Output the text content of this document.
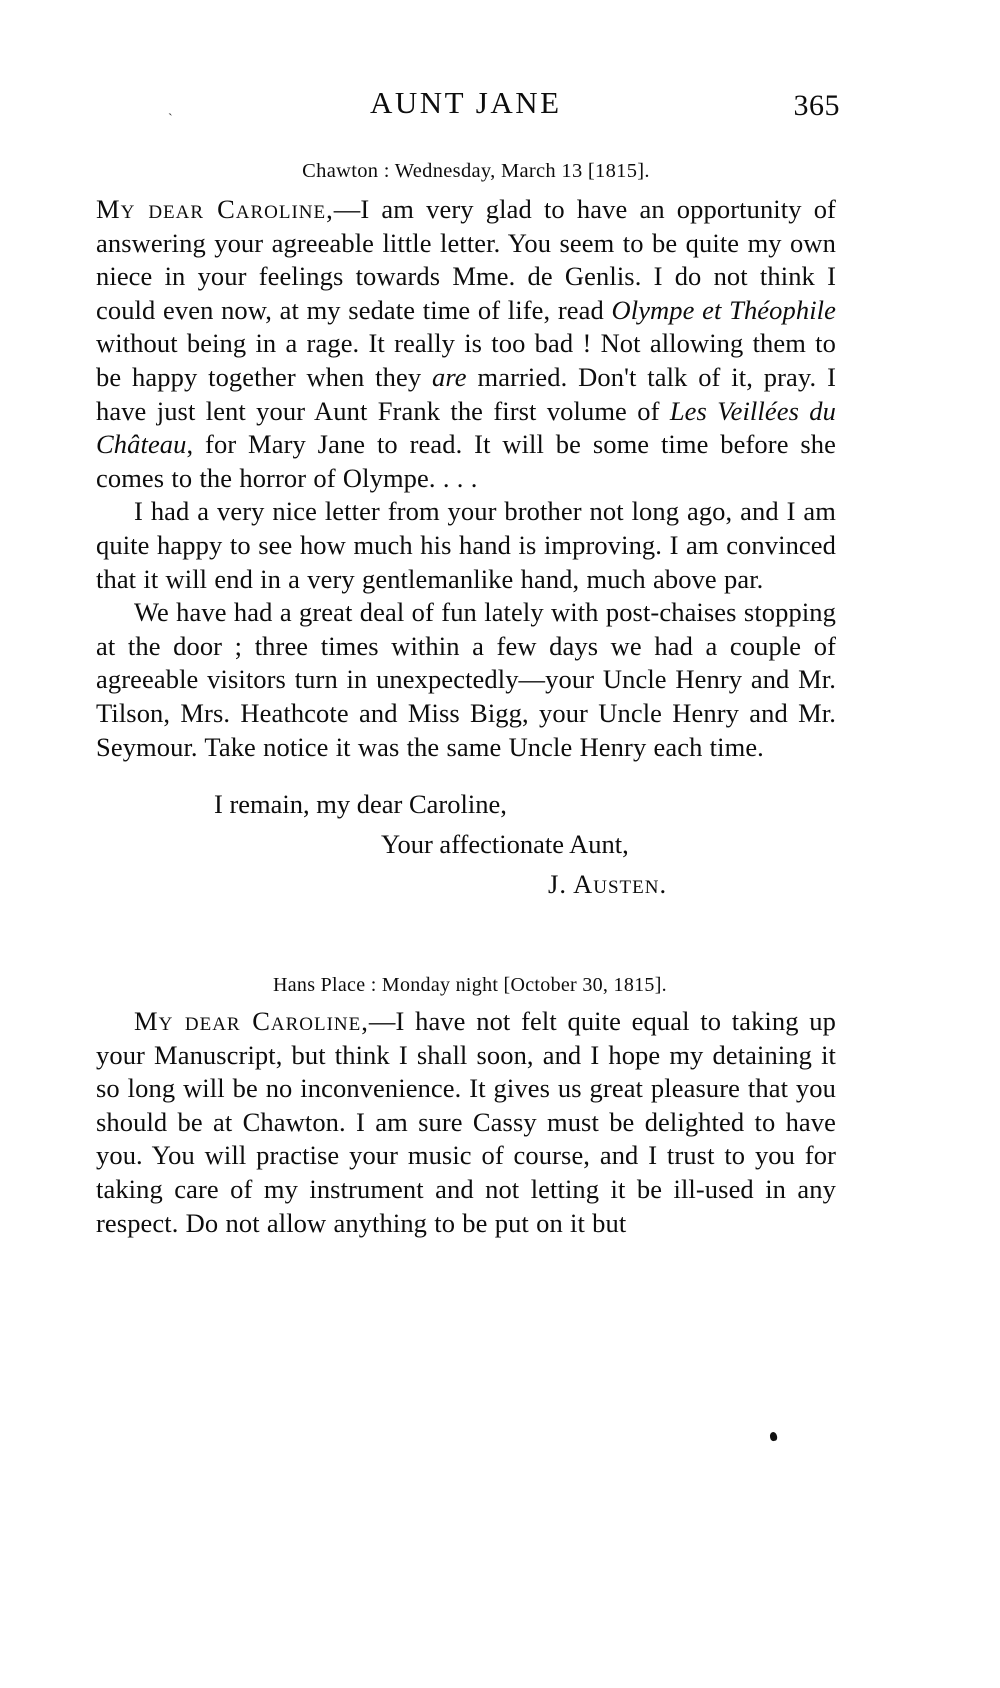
ˋ	AUNT JANE	365
Chawton : Wednesday, March 13 [1815].

My dear Caroline,—I am very glad to have an opportunity of answering your agreeable little letter. You seem to be quite my own niece in your feelings towards Mme. de Genlis. I do not think I could even now, at my sedate time of life, read Olympe et Théophile without being in a rage. It really is too bad ! Not allowing them to be happy together when they are married. Don't talk of it, pray. I have just lent your Aunt Frank the first volume of Les Veillées du Château, for Mary Jane to read. It will be some time before she comes to the horror of Olympe. . . .

I had a very nice letter from your brother not long ago, and I am quite happy to see how much his hand is improving. I am convinced that it will end in a very gentlemanlike hand, much above par.

We have had a great deal of fun lately with post-chaises stopping at the door ; three times within a few days we had a couple of agreeable visitors turn in unexpectedly—your Uncle Henry and Mr. Tilson, Mrs. Heathcote and Miss Bigg, your Uncle Henry and Mr. Seymour. Take notice it was the same Uncle Henry each time.

I remain, my dear Caroline,

Your affectionate Aunt,

J. Austen.

Hans Place : Monday night [October 30, 1815].

My dear Caroline,—I have not felt quite equal to taking up your Manuscript, but think I shall soon, and I hope my detaining it so long will be no inconvenience. It gives us great pleasure that you should be at Chawton. I am sure Cassy must be delighted to have you. You will practise your music of course, and I trust to you for taking care of my instrument and not letting it be ill-used in any respect. Do not allow anything to be put on it but
